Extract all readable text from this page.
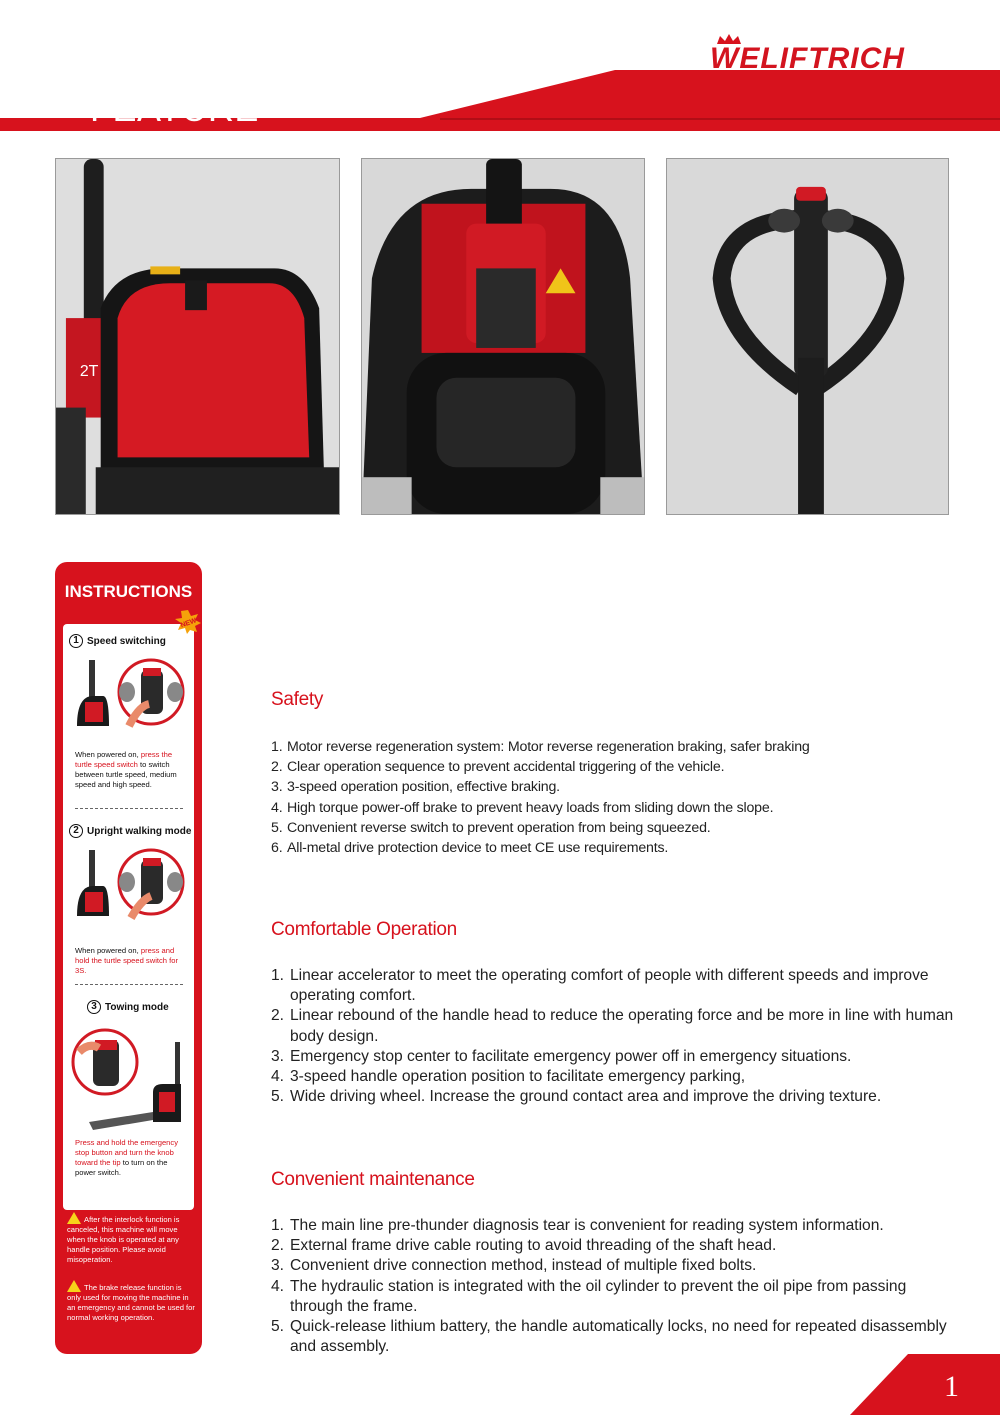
WELIFTRICH
FEATURE
2T
INSTRUCTIONS
NEW
1 Speed switching
When powered on, press the turtle speed switch to switch between turtle speed, medium speed and high speed.
2 Upright walking mode
When powered on, press and hold the turtle speed switch for 3S.
3 Towing mode
Press and hold the emergency stop button and turn the knob toward the tip to turn on the power switch.
After the interlock function is canceled, this machine will move when the knob is operated at any handle position. Please avoid misoperation.
The brake release function is only used for moving the machine in an emergency and cannot be used for normal working operation.
Safety
1. Motor reverse regeneration system: Motor reverse regeneration braking, safer braking
2. Clear operation sequence to prevent accidental triggering of the vehicle.
3. 3-speed operation position, effective braking.
4. High torque power-off brake to prevent heavy loads from sliding down the slope.
5. Convenient reverse switch to prevent operation from being squeezed.
6. All-metal drive protection device to meet CE use requirements.
Comfortable Operation
1. Linear accelerator to meet the operating comfort of people with different speeds and improve operating comfort.
2. Linear rebound of the handle head to reduce the operating force and be more in line with human body design.
3. Emergency stop center to facilitate emergency power off in emergency situations.
4. 3-speed handle operation position to facilitate emergency parking,
5. Wide driving wheel. Increase the ground contact area and improve the driving texture.
Convenient maintenance
1. The main line pre-thunder diagnosis tear is convenient for reading system information.
2. External frame drive cable routing to avoid threading of the shaft head.
3. Convenient drive connection method, instead of multiple fixed bolts.
4. The hydraulic station is integrated with the oil cylinder to prevent the oil pipe from passing through the frame.
5. Quick-release lithium battery, the handle automatically locks, no need for repeated disassembly and assembly.
1
